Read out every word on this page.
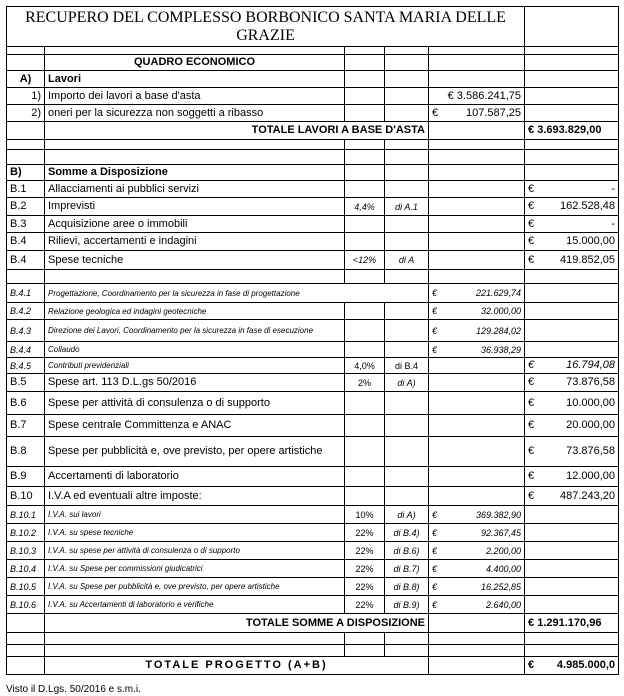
RECUPERO DEL COMPLESSO BORBONICO SANTA MARIA DELLE GRAZIE					

	QUADRO ECONOMICO				
A)	Lavori				
1)	Importo dei lavori a base d'asta			€ 3.586.241,75	
2)	oneri per la sicurezza non soggetti a ribasso			€ 107.587,25	

	TOTALE LAVORI A BASE D'ASTA				€ 3.693.829,00

B)	Somme a Disposizione				
B.1	Allacciamenti ai pubblici servizi				€ -

B.2	Imprevisti	4,4%	di A.1		€ 162.528,48

B.3	Acquisizione aree o immobili				€ -

B.4	Rilievi, accertamenti e indagini				€ 15.000,00

B.4	Spese tecniche	<12%	di A		€ 419.852,05

B.4.1	Progettazione, Coordinamento per la sicurezza in fase di progettazione			€ 221.629,74	

B.4.2	Relazione geologica ed indagini geotecniche			€ 32.000,00	

B.4.3	Direzione dei Lavori, Coordinamento per la sicurezza in fase di esecuzione			€ 129.284,02	

B.4.4	Collaudo			€ 36.938,29	

B.4.5	Contributi previdenziali	4,0%	di B.4		€ 16.794,08

B.5	Spese art. 113 D.L.gs 50/2016	2%	di A)		€ 73.876,58

B.6	Spese per attività di consulenza o di supporto				€ 10.000,00

B.7	Spese centrale Committenza e ANAC				€ 20.000,00

B.8	Spese per pubblicità e, ove previsto, per opere artistiche				€ 73.876,58

B.9	Accertamenti di laboratorio				€ 12.000,00

B.10	I.V.A ed eventuali altre imposte:				€ 487.243,20

B.10.1	I.V.A. sui lavori	10%	di A)	€ 369.382,90	

B.10.2	I.V.A. su spese tecniche	22%	di B.4)	€ 92.367,45	

B.10.3	I.V.A. su spese per attività di consulenza o di supporto	22%	di B.6)	€ 2.200,00	

B.10.4	I.V.A. su Spese per commissioni giudicatrici	22%	di B.7)	€ 4.400,00	

B.10.5	I.V.A. su Spese per pubblicità e, ove previsto, per opere artistiche	22%	di B.8)	€ 16.252,85	

B.10.6	I.V.A. su Accertamenti di laboratorio e verifiche	22%	di B.9)	€ 2.640,00	

	TOTALE SOMME A DISPOSIZIONE				€ 1.291.170,96

	TOTALE PROGETTO (A+B)				€ 4.985.000,0
Visto il D.Lgs. 50/2016 e s.m.i.
